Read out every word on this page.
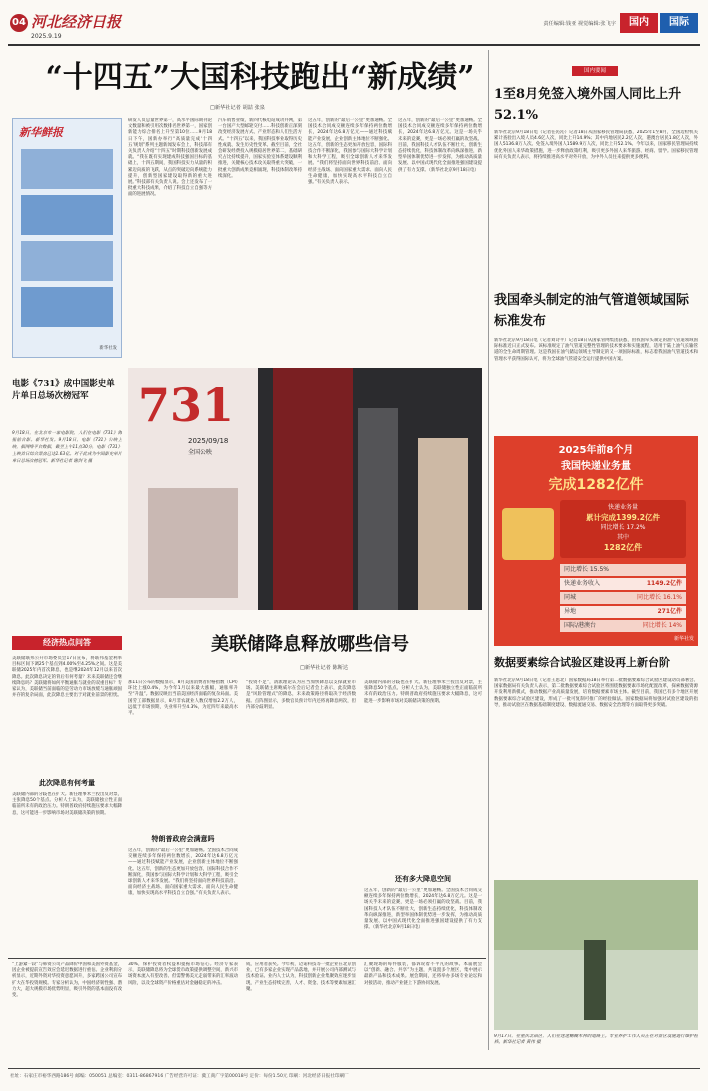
04 河北经济日报
2025.9.19
责任编辑:钱亚 视觉编辑:张飞宇	国内	国际
“十四五”大国科技跑出“新成绩”
□新华社记者 胡喆 张泉
新华鲜报
新华社发
研发人员总量世界第一，高水平国际期刊论文数量和被引用次数排名世界第一，国家创新能力综合排名上升至第10位……9月18日下午，国新办举行“高质量完成‘十四五’规划”系列主题新闻发布会上，科技部有关负责人介绍“十四五”时期科技创新发展成就。“我在既有实现建成科技强国目标的基础上，十四五期间，我国科技实力从量的积累迈向质的飞跃，从点的突破迈向系统能力提升，创新型国家建设取得新的重大进展。”科技部有关负责人说。会上还发布了一批重大科技成果，介绍了科技自立自强等方面的进展情况。
汽车销售业绩，新四代核电站成功并网，第一台国产大型邮轮交付……科技创新正深刻改变经济发展方式、产业形态和人们生活方式。“十四五”以来，我国科技事业取得历史性成就、发生历史性变革。截至目前，全社会研发经费投入规模稳居世界第二，基础研究占比持续提升，国家实验室体系建设顺利推进，关键核心技术攻关取得重大突破，一批重大创新成果竞相涌现，科技体制改革持续深化。
这五年，创新的“最后一公里”更加通畅。全国技术合同成交额连续多年保持两位数增长，2024年达6.8万亿元——通过科技赋能产业发展，企业创新主体地位不断强化。这五年，创新的生态更加开放包容，国际科技合作不断深化，我国参与国际大科学计划和大科学工程，吸引全球创新人才来华发展。“我们将坚持面向世界科技前沿、面向经济主战场、面向国家重大需求、面向人民生命健康，加快实现高水平科技自立自强。”有关负责人表示。
这五年，创新的“最后一公里”更加通畅。全国技术合同成交额连续多年保持两位数增长，2024年达6.8万亿元。这是一场关乎未来的竞赛，更是一场必须打赢的攻坚战。目前，我国科技人才队伍不断壮大，创新生态持续优化，科技体制改革向纵深推进，新型举国体制优势进一步发挥，为推动高质量发展、以中国式现代化全面推进强国建设提供了有力支撑。（新华社北京9月18日电）
电影《731》成中国影史单片单日总场次榜冠军
9月18日，在北京市一家电影院，人们在电影《731》海报前合影。新华社发。9月18日，电影《731》公映上映，据网络平台数据，截至上午11点30分，电影《731》上映首日综合票房已达1.63亿。对于此成为中国影史单片单日总场次榜冠军。新华社记者 谢剑飞 摄
731
2025/09/18
全国公映
经济热点问答
美联储联邦公开市场委员会17日宣布，将联邦基金利率目标区间下调25个基点到4.00%至4.25%之间。这是美联储2025年内首次降息，也是继2024年12月以来首次降息。此次降息决定的背后有何考量？未来美联储还会继续降息吗？美联储将如何平衡通胀与就业的双重目标？专家认为，美联储当前面临的是劳动力市场放缓与通胀顽固并存的复杂局面，此次降息主要出于对就业前景的担忧。
此次降息有何考量
美联储内部的分歧也在扩大。新任理事米兰投出反对票，主张降息50个基点。分析人士认为，美联储独立性正面临前所未有的政治压力。特朗普政府持续施压要求大幅降息，这可能进一步影响市场对美联储决策的预期。
美联储降息释放哪些信号
□新华社记者 陈斯达
那11日公布的数据显示，8月美国消费者价格指数（CPI）环比上涨0.4%，为今年1月以来最大涨幅，通胀率升至“升温”。数据反映出当前美国经济面临的复杂局面。美国劳工部数据显示，8月非农就业人数仅增加2.2万人，远低于市场预期，失业率升至4.3%，为近四年来最高水平。
特朗普政府会满意吗
这五年，创新的“最后一公里”更加通畅。全国技术合同成交额连续多年保持两位数增长，2024年达6.8万亿元——通过科技赋能产业发展，企业创新主体地位不断强化。这五年，创新的生态更加开放包容，国际科技合作不断深化，我国参与国际大科学计划和大科学工程，吸引全球创新人才来华发展。“我们将坚持面向世界科技前沿、面向经济主战场、面向国家重大需求、面向人民生命健康，加快实现高水平科技自立自强。”有关负责人表示。
“投资不足”，鸽派理论认为应当加快降息以支撑就业市场。美联储主席鲍威尔在会后记者会上表示，此次降息是“风险管理式”的降息，未来政策路径将取决于经济数据。点阵图显示，多数官员预计年内还将再降息两次，但内部分歧明显。
美联储内部的分歧也在扩大。新任理事米兰投出反对票，主张降息50个基点。分析人士认为，美联储独立性正面临前所未有的政治压力。特朗普政府持续施压要求大幅降息，这可能进一步影响市场对美联储决策的预期。
还有多大降息空间
这五年，创新的“最后一公里”更加通畅。全国技术合同成交额连续多年保持两位数增长，2024年达6.8万亿元。这是一场关乎未来的竞赛，更是一场必须打赢的攻坚战。目前，我国科技人才队伍不断壮大，创新生态持续优化，科技体制改革向纵深推进，新型举国体制优势进一步发挥，为推动高质量发展、以中国式现代化全面推进强国建设提供了有力支撑。（新华社北京9月18日电）
国内要闻
1至8月免签入境外国人同比上升52.1%
新华社北京9月18日电（记者任沁沁）记者18日从国家移民管理局获悉，2025年1至8月，全国边检机关累计查验出入境人员4.6亿人次，同比上升14.9%；其中内地居民2.2亿人次，港澳台居民1.8亿人次，外国人5136.8万人次。免签入境外国人1589.9万人次，同比上升52.1%。今年以来，国家移民管理局持续优化外国人来华政策措施，进一步释放政策红利，吸引更多外国人来华旅游、经商、留学。国家移民管理局有关负责人表示，将持续推进高水平对外开放，为中外人员往来提供更多便利。
我国牵头制定的油气管道领域国际标准发布
新华社北京9月18日电（记者刘诗平）记者18日从国家管网集团获悉，由我国牵头制定的油气管道领域国际标准近日正式发布。该标准规定了油气管道完整性管理的技术要求和实施流程，适用于陆上油气长输管道的全生命周期管理。这是我国在油气储运领域主导制定的又一项国际标准，标志着我国油气管道技术和管理水平获得国际认可，将为全球油气管道安全运行提供中国方案。
2025年前8个月
我国快递业务量
完成1282亿件
快递业务量
累计完成1399.2亿件
同比增长 17.2%
其中
1282亿件
同比增长 15.5%
快递业务收入	1149.2亿件
同城	同比增长 16.1%
异地	271亿件
国际/港澳台	同比增长 14%
新华社发
数据要素综合试验区建设再上新台阶
新华社北京9月18日电（记者王思北）国家数据局18日举行第二批数据要素综合试验区建设动员部署会。国家数据局有关负责人表示，第二批数据要素综合试验区将围绕数据要素市场化配置改革，探索数据资源开发利用新模式，推动数据产业高质量发展，培育数据要素市场主体。截至目前，我国已有多个地区开展数据要素综合试验区建设，形成了一批可复制可推广的经验做法。国家数据局将加强对试验区建设的指导，推动试验区在数据基础制度建设、数据流通交易、数据安全治理等方面取得更多突破。
“上游紧一段”与韩资公司产品降价中国和美国外资基金，因企业被提前宣告效应会延迟数据进行重估。企业利润分析显示，近期外资对华投资意愿回升，多家跨国公司宣布扩大在华投资规模。专家分析认为，中国经济韧性强、潜力大，超大规模市场优势明显，吸引外资的基本面没有改变。
30%，保护投资者权益和提振市场信心。经济专家表示，美联储降息将为全球货币政策提供调整空间，新兴市场资本流入有望改善。但需警惕美元走弱带来的汇率波动风险，以及全球资产价格重估对金融稳定的冲击。
成，应用者获奖。今年初，迈诺科技等一批企业在北京创业，已有多家企业实现产品落地，并开展公司内部测试与技术验证。业内人士认为，科技创新企业集聚效应逐步显现，产业生态持续完善，人才、资金、技术等要素加速汇聚。
汇聚现场的每件服装，都诉说着不平凡的故事。本届展会以“创新、融合、共享”为主题，共设置多个展区，集中展示最新产品和技术成果。展会期间，还将举办多场专业论坛和对接活动，推动产业链上下游协同发展。
9月17日，在重庆北碚区，人们在迷迷糊糊木林的道路上。专业养护工作人员正在对景区设施进行维护检修。新华社记者 黄伟 摄
社址：石家庄市裕华西路186号 邮编：050051 总编室：0311-86867916 广告经营许可证：冀工商广字第00018号 定价：每份1.50元 印刷：河北经济日报社印刷厂
